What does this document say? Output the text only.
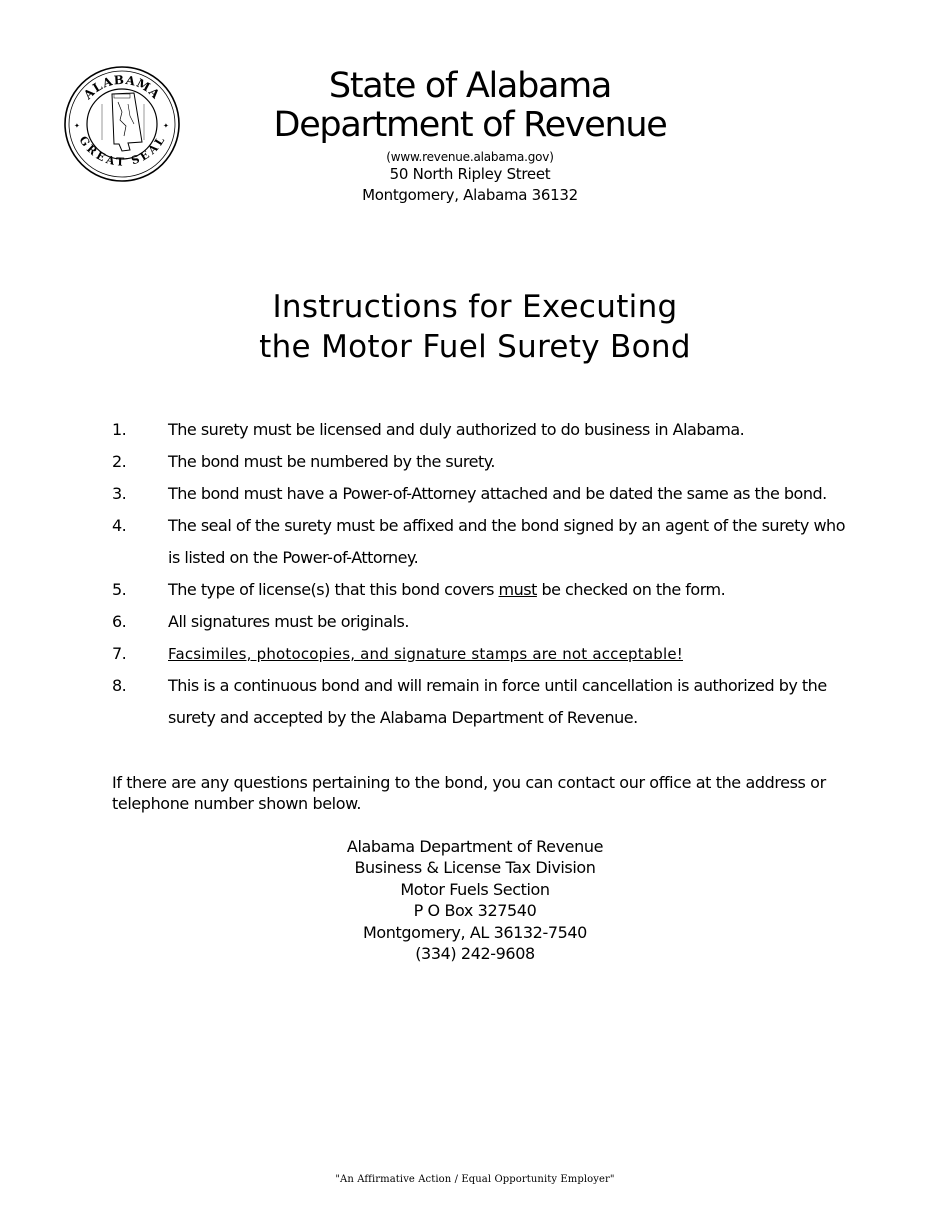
ALABAMA
GREAT SEAL
✦	✦
State of Alabama
Department of Revenue
(www.revenue.alabama.gov)
50 North Ripley Street
Montgomery, Alabama 36132
Instructions for Executing
the Motor Fuel Surety Bond
1.	The surety must be licensed and duly authorized to do business in Alabama.
2.	The bond must be numbered by the surety.
3.	The bond must have a Power-of-Attorney attached and be dated the same as the bond.
4.	The seal of the surety must be affixed and the bond signed by an agent of the surety who is listed on the Power-of-Attorney.
5.	The type of license(s) that this bond covers must be checked on the form.
6.	All signatures must be originals.
7.	Facsimiles, photocopies, and signature stamps are not acceptable!
8.	This is a continuous bond and will remain in force until cancellation is authorized by the surety and accepted by the Alabama Department of Revenue.
If there are any questions pertaining to the bond, you can contact our office at the address or telephone number shown below.
Alabama Department of Revenue
Business & License Tax Division
Motor Fuels Section
P O Box 327540
Montgomery, AL 36132-7540
(334) 242-9608
"An Affirmative Action / Equal Opportunity Employer"
